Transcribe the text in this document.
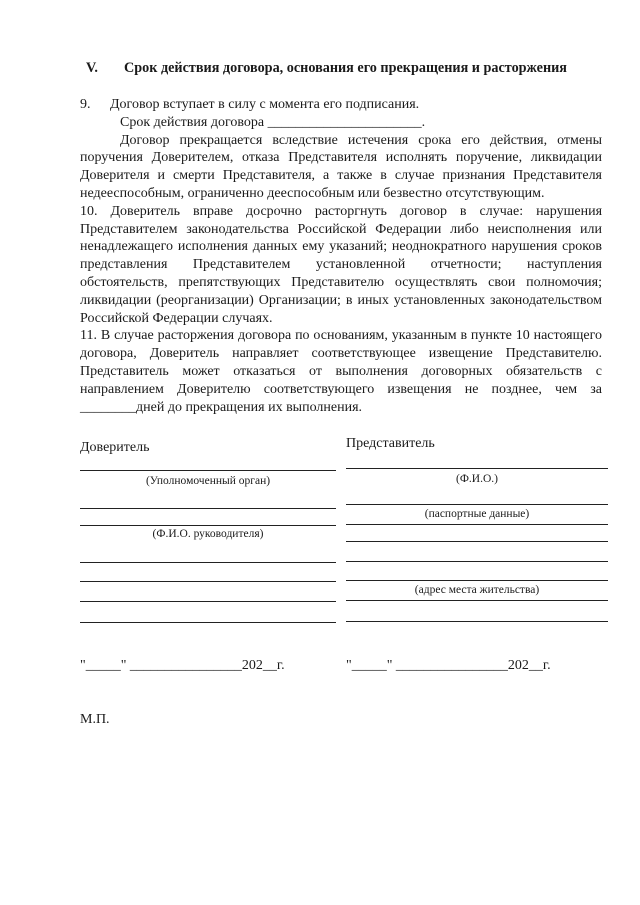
V. Срок действия договора, основания его прекращения и расторжения

9. Договор вступает в силу с момента его подписания.

Срок действия договора ______________________.

Договор прекращается вследствие истечения срока его действия, отмены поручения Доверителем, отказа Представителя исполнять поручение, ликвидации Доверителя и смерти Представителя, а также в случае признания Представителя недееспособным, ограниченно дееспособным или безвестно отсутствующим.

10. Доверитель вправе досрочно расторгнуть договор в случае: нарушения Представителем законодательства Российской Федерации либо неисполнения или ненадлежащего исполнения данных ему указаний; неоднократного нарушения сроков представления Представителем установленной отчетности; наступления обстоятельств, препятствующих Представителю осуществлять свои полномочия; ликвидации (реорганизации) Организации; в иных установленных законодательством Российской Федерации случаях.

11. В случае расторжения договора по основаниям, указанным в пункте 10 настоящего договора, Доверитель направляет соответствующее извещение Представителю. Представитель может отказаться от выполнения договорных обязательств с направлением Доверителю соответствующего извещения не позднее, чем за ________дней до прекращения их выполнения.

Доверитель
(Уполномоченный орган)
(Ф.И.О. руководителя)
Представитель
(Ф.И.О.)
(паспортные данные)
(адрес места жительства)
"_____" ________________202__г.	"_____" ________________202__г.
М.П.
